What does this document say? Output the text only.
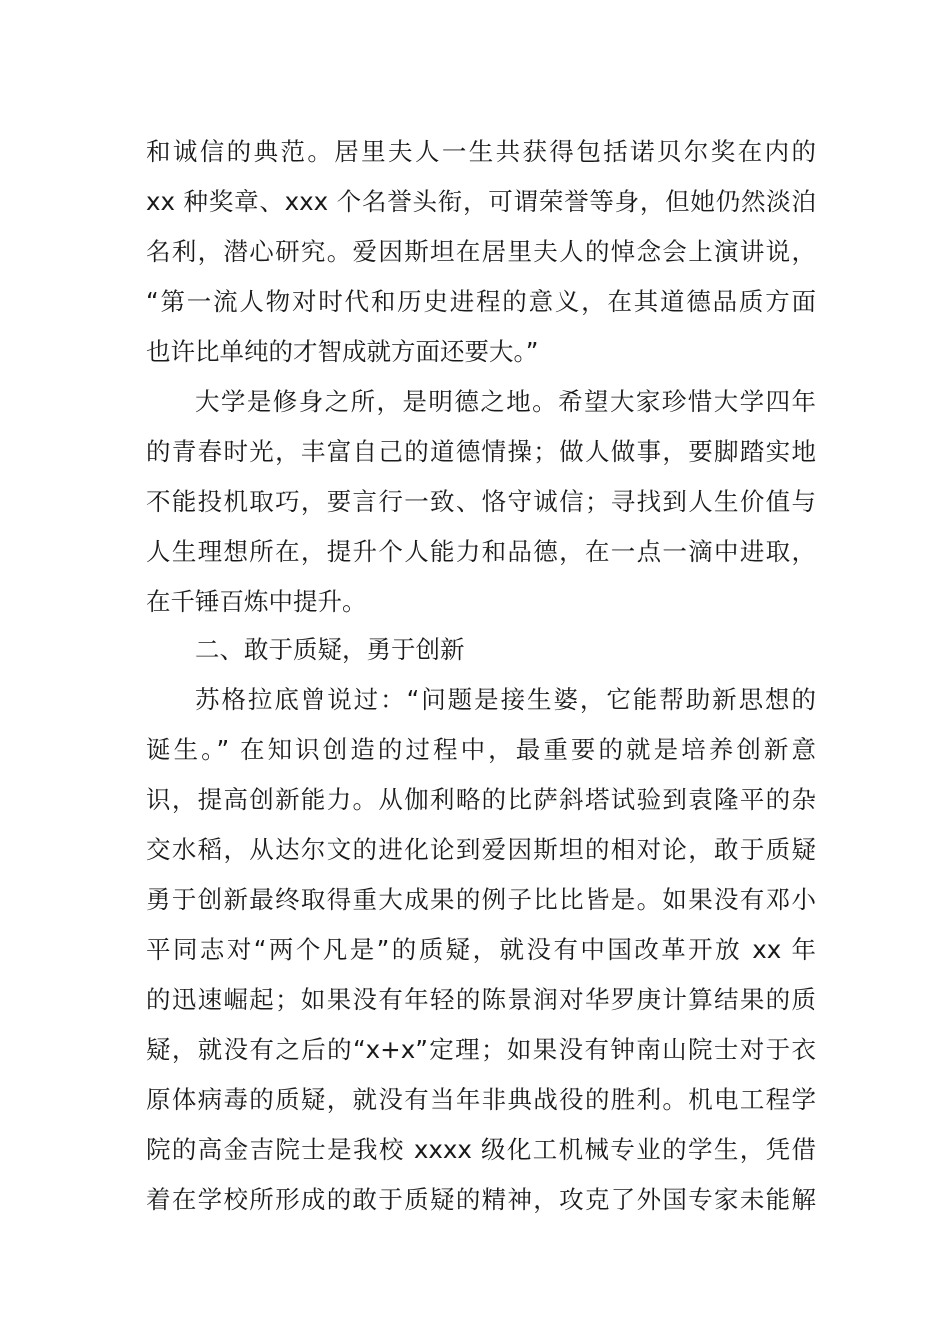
和诚信的典范。居里夫人一生共获得包括诺贝尔奖在内的
xx 种奖章、xxx 个名誉头衔，可谓荣誉等身，但她仍然淡泊
名利，潜心研究。爱因斯坦在居里夫人的悼念会上演讲说，
“第一流人物对时代和历史进程的意义，在其道德品质方面
也许比单纯的才智成就方面还要大。”
大学是修身之所，是明德之地。希望大家珍惜大学四年
的青春时光，丰富自己的道德情操；做人做事，要脚踏实地
不能投机取巧，要言行一致、恪守诚信；寻找到人生价值与
人生理想所在，提升个人能力和品德，在一点一滴中进取，
在千锤百炼中提升。
二、敢于质疑，勇于创新
苏格拉底曾说过：“问题是接生婆，它能帮助新思想的
诞生。” 在知识创造的过程中，最重要的就是培养创新意
识，提高创新能力。从伽利略的比萨斜塔试验到袁隆平的杂
交水稻，从达尔文的进化论到爱因斯坦的相对论，敢于质疑
勇于创新最终取得重大成果的例子比比皆是。如果没有邓小
平同志对“两个凡是”的质疑，就没有中国改革开放 xx 年
的迅速崛起；如果没有年轻的陈景润对华罗庚计算结果的质
疑，就没有之后的“x+x”定理；如果没有钟南山院士对于衣
原体病毒的质疑，就没有当年非典战役的胜利。机电工程学
院的高金吉院士是我校 xxxx 级化工机械专业的学生，凭借
着在学校所形成的敢于质疑的精神，攻克了外国专家未能解
